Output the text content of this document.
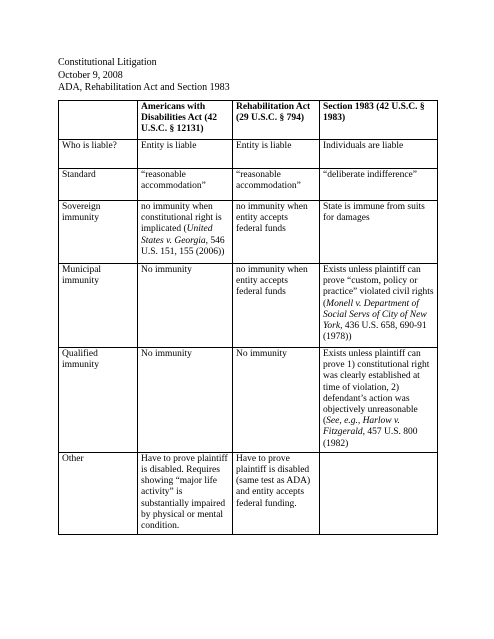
Constitutional Litigation
October 9, 2008
ADA, Rehabilitation Act and Section 1983
	Americans with Disabilities Act (42 U.S.C. § 12131)	Rehabilitation Act (29 U.S.C. § 794)	Section 1983 (42 U.S.C. § 1983)
Who is liable?	Entity is liable	Entity is liable	Individuals are liable
Standard	“reasonable accommodation”	“reasonable accommodation”	“deliberate indifference”
Sovereign immunity	no immunity when constitutional right is implicated (United States v. Georgia, 546 U.S. 151, 155 (2006))	no immunity when entity accepts federal funds	State is immune from suits for damages
Municipal immunity	No immunity	no immunity when entity accepts federal funds	Exists unless plaintiff can prove “custom, policy or practice” violated civil rights (Monell v. Department of Social Servs of City of New York, 436 U.S. 658, 690-91 (1978))
Qualified immunity	No immunity	No immunity	Exists unless plaintiff can prove 1) constitutional right was clearly established at time of violation, 2) defendant’s action was objectively unreasonable (See, e.g., Harlow v. Fitzgerald, 457 U.S. 800 (1982)
Other	Have to prove plaintiff is disabled. Requires showing “major life activity” is substantially impaired by physical or mental condition.	Have to prove plaintiff is disabled (same test as ADA) and entity accepts federal funding.	
